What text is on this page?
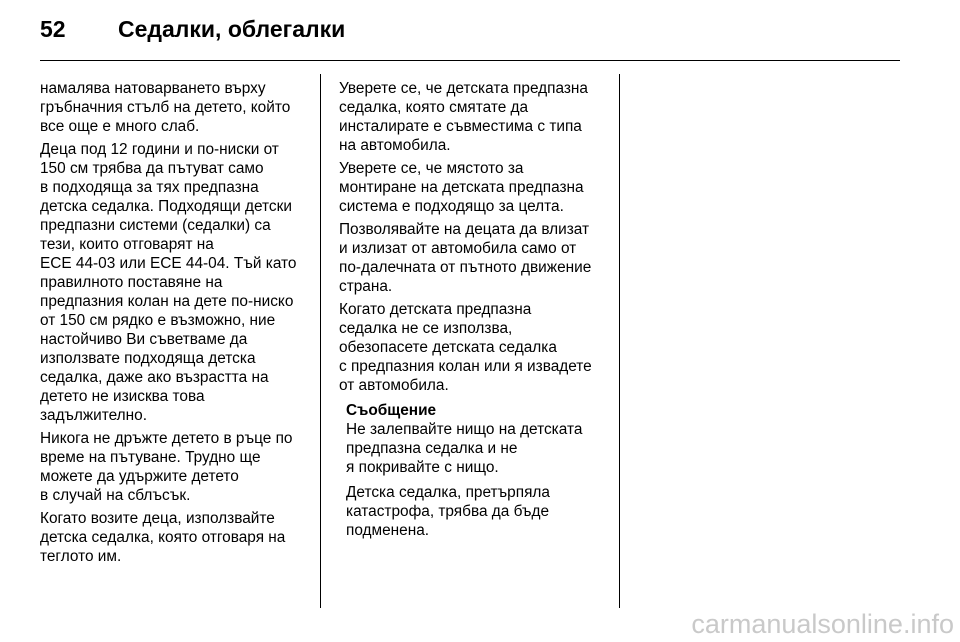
52 Седалки, облегалки
намалява натоварването върху
гръбначния стълб на детето, който
все още е много слаб.
Деца под 12 години и по-ниски от
150 см трябва да пътуват само
в подходяща за тях предпазна
детска седалка. Подходящи детски
предпазни системи (седалки) са
тези, които отговарят на
ECE 44-03 или ECE 44-04. Тъй като
правилното поставяне на
предпазния колан на дете по-ниско
от 150 см рядко е възможно, ние
настойчиво Ви съветваме да
използвате подходяща детска
седалка, даже ако възрастта на
детето не изисква това
задължително.
Никога не дръжте детето в ръце по
време на пътуване. Трудно ще
можете да удържите детето
в случай на сблъсък.
Когато возите деца, използвайте
детска седалка, която отговаря на
теглото им.
Уверете се, че детската предпазна
седалка, която смятате да
инсталирате е съвместима с типа
на автомобила.
Уверете се, че мястото за
монтиране на детската предпазна
система е подходящо за целта.
Позволявайте на децата да влизат
и излизат от автомобила само от
по-далечната от пътното движение
страна.
Когато детската предпазна
седалка не се използва,
обезопасете детската седалка
с предпазния колан или я извадете
от автомобила.
Съобщение
Не залепвайте нищо на детската
предпазна седалка и не
я покривайте с нищо.
Детска седалка, претърпяла
катастрофа, трябва да бъде
подменена.
carmanualsonline.info
